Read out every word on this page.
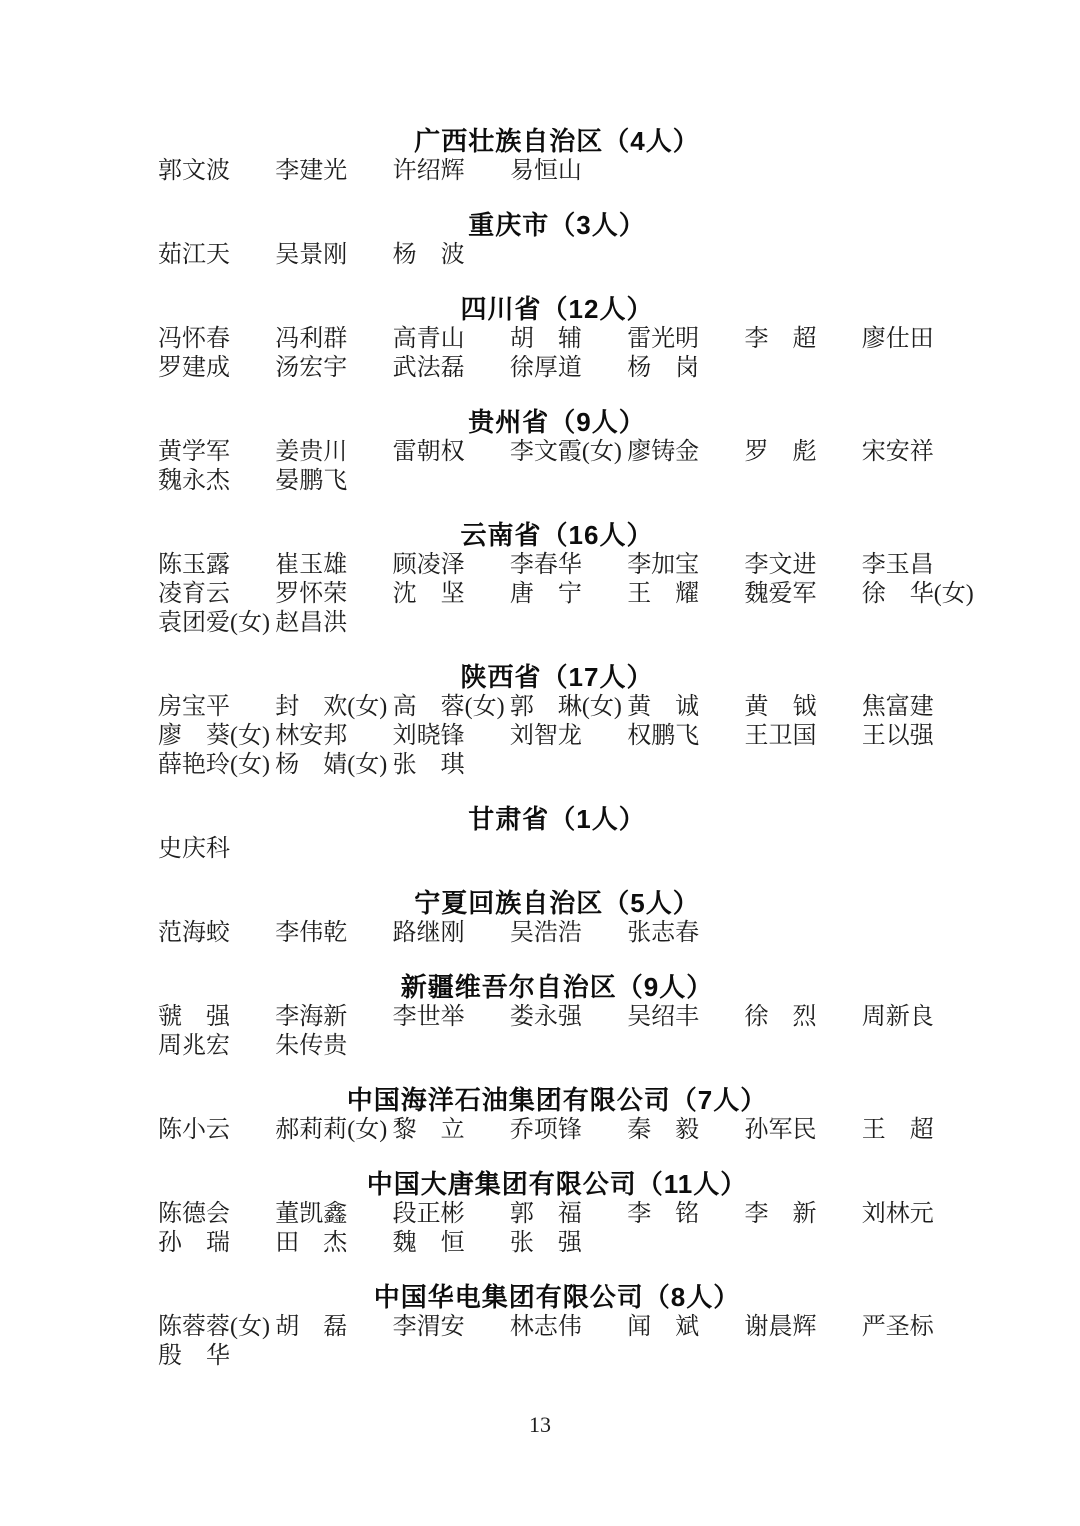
广西壮族自治区（4人）
郭文波 李建光 许绍辉 易恒山
重庆市（3人）
茹江天 吴景刚 杨　波
四川省（12人）
冯怀春 冯利群 高青山 胡　辅 雷光明 李　超 廖仕田
罗建成 汤宏宇 武法磊 徐厚道 杨　岗
贵州省（9人）
黄学军 姜贵川 雷朝权 李文霞(女) 廖铸金 罗　彪 宋安祥
魏永杰 晏鹏飞
云南省（16人）
陈玉露 崔玉雄 顾凌泽 李春华 李加宝 李文进 李玉昌
凌育云 罗怀荣 沈　坚 唐　宁 王　耀 魏爱军 徐　华(女)
袁团爱(女) 赵昌洪
陕西省（17人）
房宝平 封　欢(女) 高　蓉(女) 郭　琳(女) 黄　诚 黄　钺 焦富建
廖　葵(女) 林安邦 刘晓锋 刘智龙 权鹏飞 王卫国 王以强
薛艳玲(女) 杨　婧(女) 张　琪
甘肃省（1人）
史庆科
宁夏回族自治区（5人）
范海蛟 李伟乾 路继刚 吴浩浩 张志春
新疆维吾尔自治区（9人）
虢　强 李海新 李世举 娄永强 吴绍丰 徐　烈 周新良
周兆宏 朱传贵
中国海洋石油集团有限公司（7人）
陈小云 郝莉莉(女) 黎　立 乔项锋 秦　毅 孙军民 王　超
中国大唐集团有限公司（11人）
陈德会 董凯鑫 段正彬 郭　福 李　铭 李　新 刘林元
孙　瑞 田　杰 魏　恒 张　强
中国华电集团有限公司（8人）
陈蓉蓉(女) 胡　磊 李渭安 林志伟 闻　斌 谢晨辉 严圣标
殷　华
13
